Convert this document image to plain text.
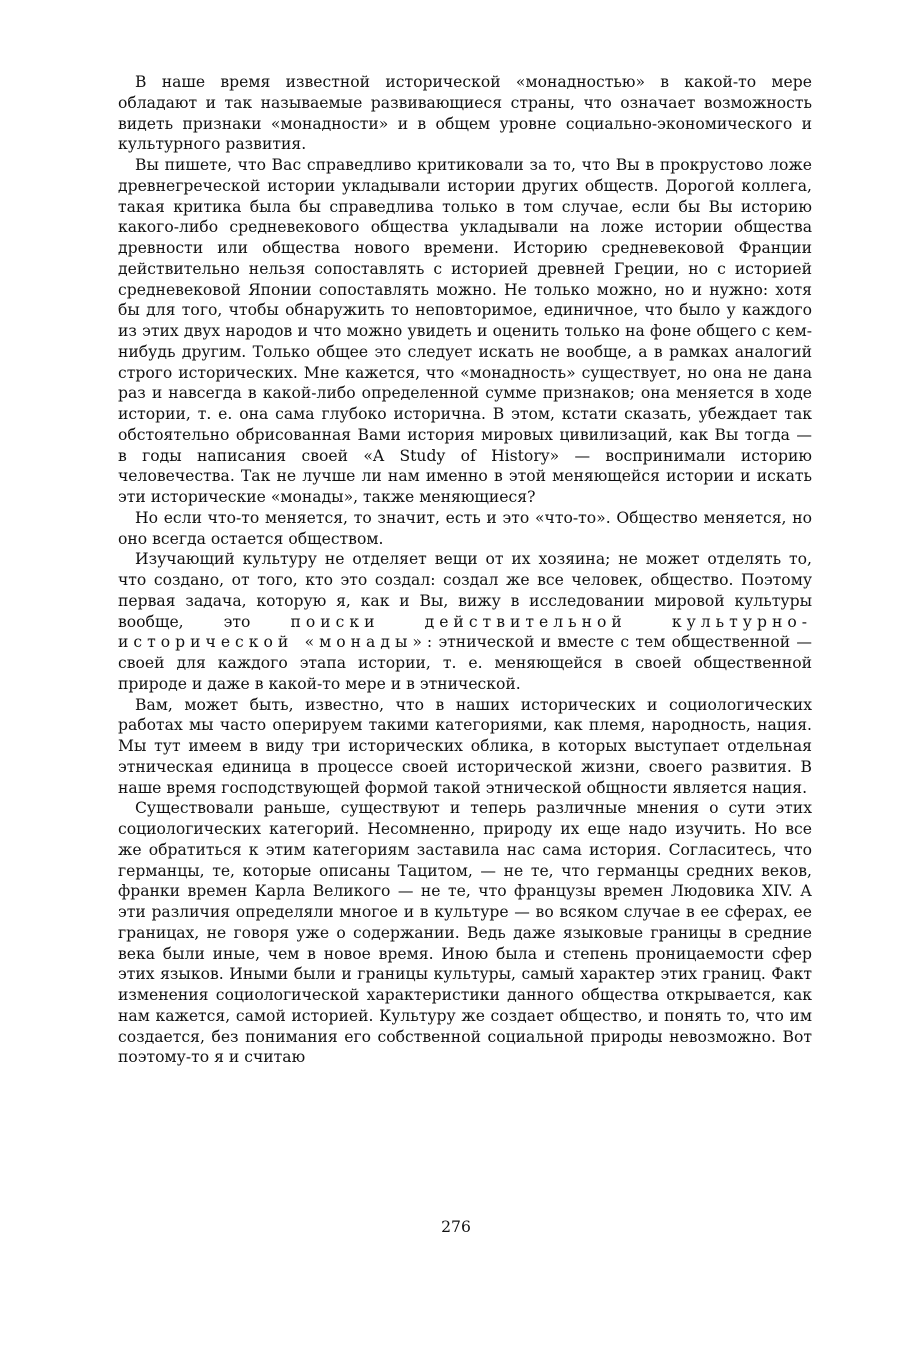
В наше время известной исторической «монадностью» в какой-то мере обладают и так называемые развивающиеся страны, что означает возможность видеть признаки «монадности» и в общем уровне социально-экономического и культурного развития.

Вы пишете, что Вас справедливо критиковали за то, что Вы в прокрустово ложе древнегреческой истории укладывали истории других обществ. Дорогой коллега, такая критика была бы справедлива только в том случае, если бы Вы историю какого-либо средневекового общества укладывали на ложе истории общества древности или общества нового времени. Историю средневековой Франции действительно нельзя сопоставлять с историей древней Греции, но с историей средневековой Японии сопоставлять можно. Не только можно, но и нужно: хотя бы для того, чтобы обнаружить то неповторимое, единичное, что было у каждого из этих двух народов и что можно увидеть и оценить только на фоне общего с кем-нибудь другим. Только общее это следует искать не вообще, а в рамках аналогий строго исторических. Мне кажется, что «монадность» существует, но она не дана раз и навсегда в какой-либо определенной сумме признаков; она меняется в ходе истории, т. е. она сама глубоко исторична. В этом, кстати сказать, убеждает так обстоятельно обрисованная Вами история мировых цивилизаций, как Вы тогда — в годы написания своей «A Study of History» — воспринимали историю человечества. Так не лучше ли нам именно в этой меняющейся истории и искать эти исторические «монады», также меняющиеся?

Но если что-то меняется, то значит, есть и это «что-то». Общество меняется, но оно всегда остается обществом.

Изучающий культуру не отделяет вещи от их хозяина; не может отделять то, что создано, от того, кто это создал: создал же все человек, общество. Поэтому первая задача, которую я, как и Вы, вижу в исследовании мировой культуры вообще, это поиски действительной культурно-исторической «монады»: этнической и вместе с тем общественной — своей для каждого этапа истории, т. е. меняющейся в своей общественной природе и даже в какой-то мере и в этнической.

Вам, может быть, известно, что в наших исторических и социологических работах мы часто оперируем такими категориями, как племя, народность, нация. Мы тут имеем в виду три исторических облика, в которых выступает отдельная этническая единица в процессе своей исторической жизни, своего развития. В наше время господствующей формой такой этнической общности является нация.

Существовали раньше, существуют и теперь различные мнения о сути этих социологических категорий. Несомненно, природу их еще надо изучить. Но все же обратиться к этим категориям заставила нас сама история. Согласитесь, что германцы, те, которые описаны Тацитом, — не те, что германцы средних веков, франки времен Карла Великого — не те, что французы времен Людовика XIV. А эти различия определяли многое и в культуре — во всяком случае в ее сферах, ее границах, не говоря уже о содержании. Ведь даже языковые границы в средние века были иные, чем в новое время. Иною была и степень проницаемости сфер этих языков. Иными были и границы культуры, самый характер этих границ. Факт изменения социологической характеристики данного общества открывается, как нам кажется, самой историей. Культуру же создает общество, и понять то, что им создается, без понимания его собственной социальной природы невозможно. Вот поэтому-то я и считаю

276
